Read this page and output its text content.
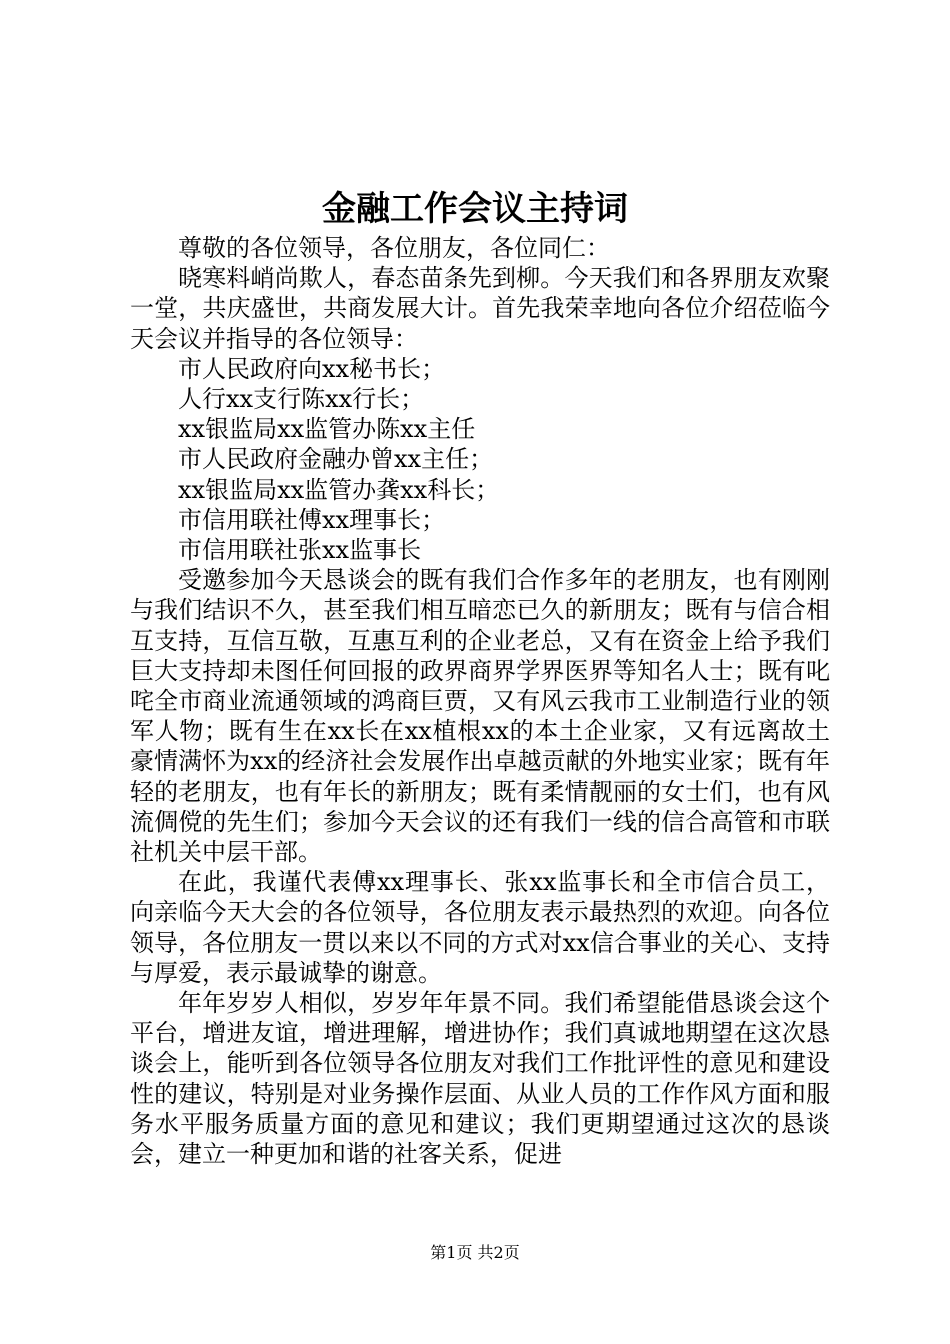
金融工作会议主持词

尊敬的各位领导，各位朋友，各位同仁：

晓寒料峭尚欺人，春态苗条先到柳。今天我们和各界朋友欢聚一堂，共庆盛世，共商发展大计。首先我荣幸地向各位介绍莅临今天会议并指导的各位领导：

市人民政府向xx秘书长；

人行xx支行陈xx行长；

xx银监局xx监管办陈xx主任

市人民政府金融办曾xx主任；

xx银监局xx监管办龚xx科长；

市信用联社傅xx理事长；

市信用联社张xx监事长

受邀参加今天恳谈会的既有我们合作多年的老朋友，也有刚刚与我们结识不久，甚至我们相互暗恋已久的新朋友；既有与信合相互支持，互信互敬，互惠互利的企业老总，又有在资金上给予我们巨大支持却未图任何回报的政界商界学界医界等知名人士；既有叱咤全市商业流通领域的鸿商巨贾，又有风云我市工业制造行业的领军人物；既有生在xx长在xx植根xx的本土企业家，又有远离故土豪情满怀为xx的经济社会发展作出卓越贡献的外地实业家；既有年轻的老朋友，也有年长的新朋友；既有柔情靓丽的女士们，也有风流倜傥的先生们；参加今天会议的还有我们一线的信合高管和市联社机关中层干部。

在此，我谨代表傅xx理事长、张xx监事长和全市信合员工，向亲临今天大会的各位领导，各位朋友表示最热烈的欢迎。向各位领导，各位朋友一贯以来以不同的方式对xx信合事业的关心、支持与厚爱，表示最诚挚的谢意。

年年岁岁人相似，岁岁年年景不同。我们希望能借恳谈会这个平台，增进友谊，增进理解，增进协作；我们真诚地期望在这次恳谈会上，能听到各位领导各位朋友对我们工作批评性的意见和建设性的建议，特别是对业务操作层面、从业人员的工作作风方面和服务水平服务质量方面的意见和建议；我们更期望通过这次的恳谈会，建立一种更加和谐的社客关系，促进

第1页 共2页
